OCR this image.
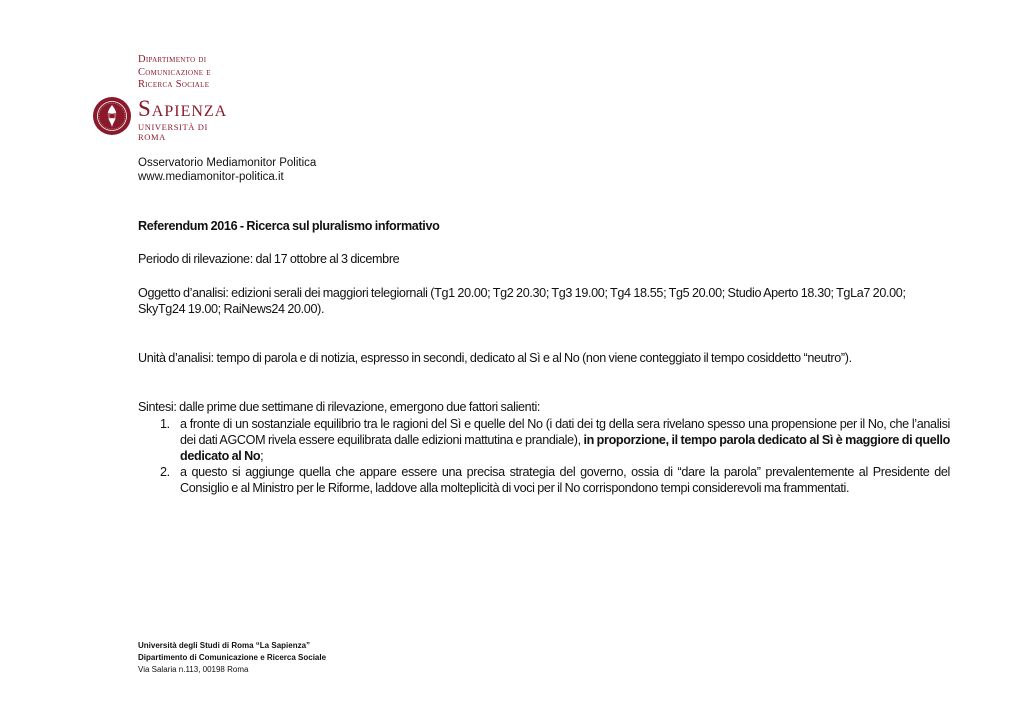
Dipartimento di
Comunicazione e
Ricerca Sociale
Sapienza
UNIVERSITÀ DI ROMA
Osservatorio Mediamonitor Politica
www.mediamonitor-politica.it

Referendum 2016 - Ricerca sul pluralismo informativo

Periodo di rilevazione: dal 17 ottobre al 3 dicembre

Oggetto d’analisi: edizioni serali dei maggiori telegiornali (Tg1 20.00; Tg2 20.30; Tg3 19.00; Tg4 18.55; Tg5 20.00; Studio Aperto 18.30; TgLa7 20.00; SkyTg24 19.00; RaiNews24 20.00).

Unità d’analisi: tempo di parola e di notizia, espresso in secondi, dedicato al Sì e al No (non viene conteggiato il tempo cosiddetto “neutro”).

Sintesi: dalle prime due settimane di rilevazione, emergono due fattori salienti:

1. a fronte di un sostanziale equilibrio tra le ragioni del Sì e quelle del No (i dati dei tg della sera rivelano spesso una propensione per il No, che l’analisi dei dati AGCOM rivela essere equilibrata dalle edizioni mattutina e prandiale), in proporzione, il tempo parola dedicato al Sì è maggiore di quello dedicato al No;
2. a questo si aggiunge quella che appare essere una precisa strategia del governo, ossia di “dare la parola” prevalentemente al Presidente del Consiglio e al Ministro per le Riforme, laddove alla molteplicità di voci per il No corrispondono tempi considerevoli ma frammentati.
Università degli Studi di Roma “La Sapienza”
Dipartimento di Comunicazione e Ricerca Sociale
Via Salaria n.113, 00198 Roma
